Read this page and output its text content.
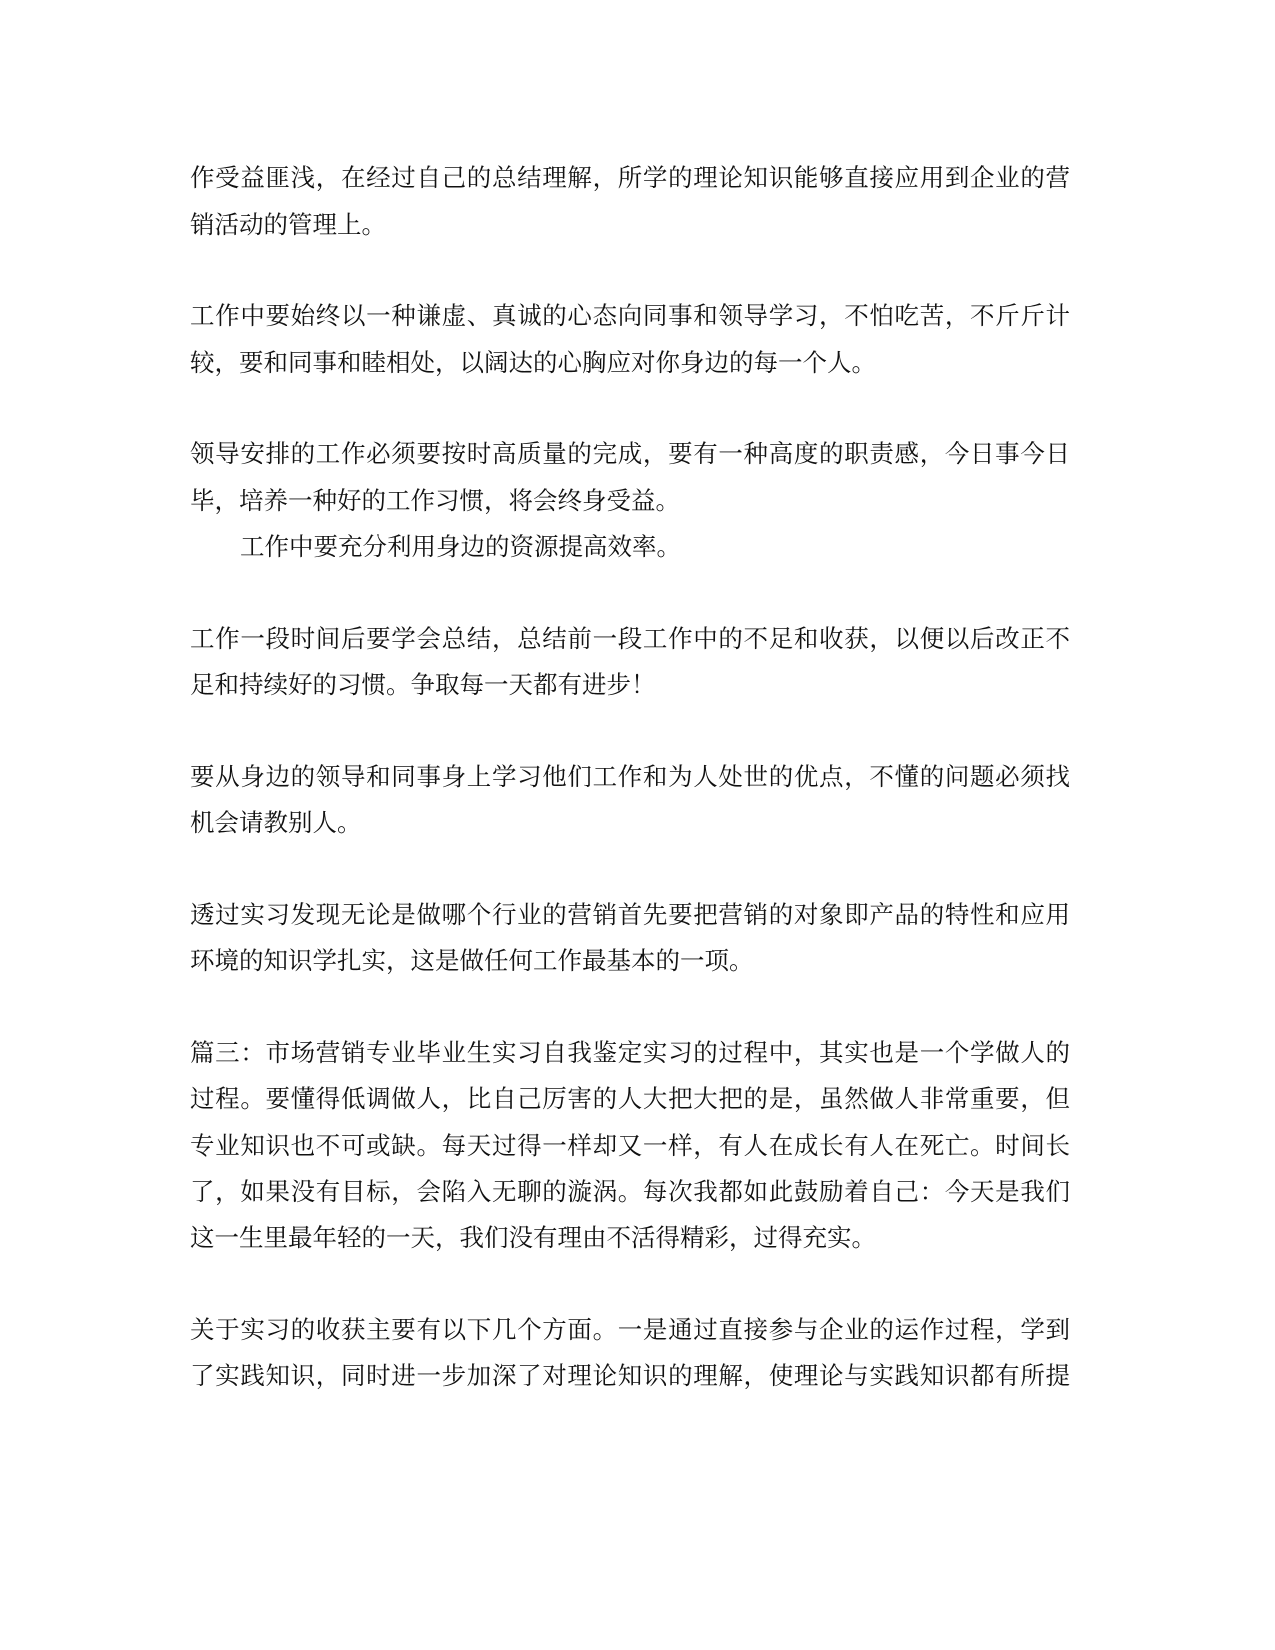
作受益匪浅，在经过自己的总结理解，所学的理论知识能够直接应用到企业的营
销活动的管理上。
工作中要始终以一种谦虚、真诚的心态向同事和领导学习，不怕吃苦，不斤斤计
较，要和同事和睦相处，以阔达的心胸应对你身边的每一个人。
领导安排的工作必须要按时高质量的完成，要有一种高度的职责感，今日事今日
毕，培养一种好的工作习惯，将会终身受益。
工作中要充分利用身边的资源提高效率。
工作一段时间后要学会总结，总结前一段工作中的不足和收获，以便以后改正不
足和持续好的习惯。争取每一天都有进步！
要从身边的领导和同事身上学习他们工作和为人处世的优点，不懂的问题必须找
机会请教别人。
透过实习发现无论是做哪个行业的营销首先要把营销的对象即产品的特性和应用
环境的知识学扎实，这是做任何工作最基本的一项。
篇三：市场营销专业毕业生实习自我鉴定实习的过程中，其实也是一个学做人的
过程。要懂得低调做人，比自己厉害的人大把大把的是，虽然做人非常重要，但
专业知识也不可或缺。每天过得一样却又一样，有人在成长有人在死亡。时间长
了，如果没有目标，会陷入无聊的漩涡。每次我都如此鼓励着自己：今天是我们
这一生里最年轻的一天，我们没有理由不活得精彩，过得充实。
关于实习的收获主要有以下几个方面。一是通过直接参与企业的运作过程，学到
了实践知识，同时进一步加深了对理论知识的理解，使理论与实践知识都有所提
